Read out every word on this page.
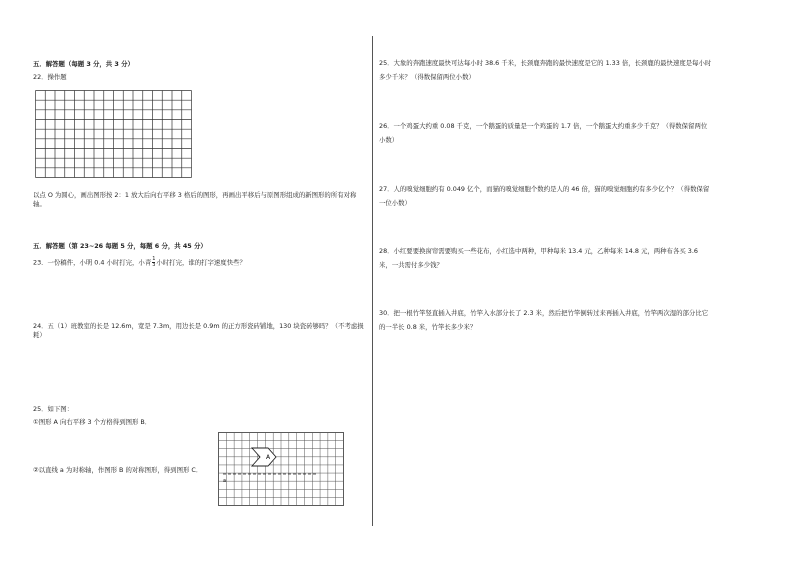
五．解答题（每题 3 分，共 3 分）
22．操作题
以点 O 为圆心，画出图形按 2：1 放大后向右平移 3 格后的图形，再画出平移后与原图形组成的新图形的所有对称轴。
五．解答题（第 23~26 每题 5 分，每题 6 分，共 45 分）
23．一份稿件，小明 0.4 小时打完，小青 $\frac{1}{3}$ 小时打完，谁的打字速度快些？
24．五（1）班教室的长是 12.6m，宽是 7.3m，用边长是 0.9m 的正方形瓷砖铺地，130 块瓷砖够吗？（不考虑损耗）
25．如下图：
①图形 A 向右平移 3 个方格得到图形 B．
②以直线 a 为对称轴，作图形 B 的对称图形，得到图形 C．
A
a
25．大象的奔跑速度最快可达每小时 38.6 千米，长颈鹿奔跑的最快速度是它的 1.33 倍，长颈鹿的最快速度是每小时多少千米？（得数保留两位小数）
26．一个鸡蛋大约重 0.08 千克，一个鹅蛋的质量是一个鸡蛋的 1.7 倍，一个鹅蛋大约重多少千克？（得数保留两位小数）
27．人的嗅觉细胞约有 0.049 亿个，而猫的嗅觉细胞个数约是人的 46 倍，猫的嗅觉细胞约有多少亿个？（得数保留一位小数）
28．小红要要换窗帘需要购买一些花布，小红选中两种，甲种每米 13.4 元，乙种每米 14.8 元，两种布各买 3.6 米，一共需付多少钱？
30．把一根竹竿竖直插入井底，竹竿入水部分长了 2.3 米，然后把竹竿倒转过来再插入井底，竹竿两次湿的部分比它的一半长 0.8 米，竹竿长多少米？
